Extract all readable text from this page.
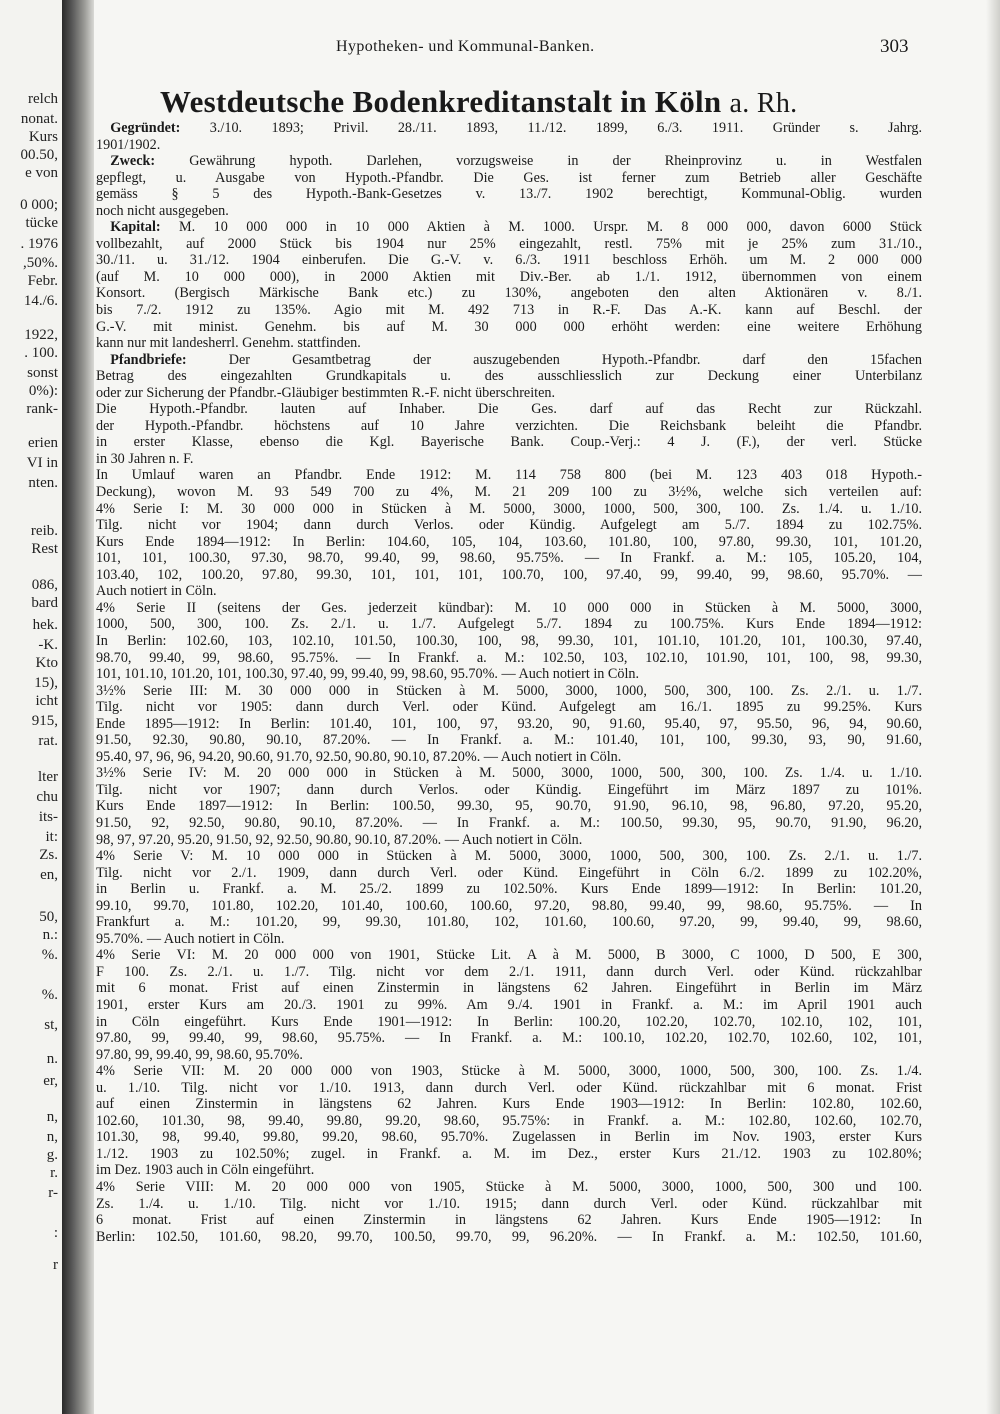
relch
nonat.
Kurs
00.50,
e von
0 000;
tücke
. 1976
,50%.
Febr.
14./6.
1922,
. 100.
sonst
0%):
rank-
erien
VI in
nten.
reib.
Rest
086,
bard
hek.
-K.
Kto
15),
icht
915,
rat.
lter
chu
its-
it:
Zs.
en,
50,
n.:
%.
%.
st,
n.
er,
n,
n,
g.
r.
r-
:
r
Hypotheken- und Kommunal-Banken.	303
Westdeutsche Bodenkreditanstalt in Köln a. Rh.
 Gegründet: 3./10. 1893; Privil. 28./11. 1893, 11./12. 1899, 6./3. 1911. Gründer s. Jahrg.
1901/1902.
 Zweck: Gewährung hypoth. Darlehen, vorzugsweise in der Rheinprovinz u. in Westfalen
gepflegt, u. Ausgabe von Hypoth.-Pfandbr. Die Ges. ist ferner zum Betrieb aller Geschäfte
gemäss § 5 des Hypoth.-Bank-Gesetzes v. 13./7. 1902 berechtigt, Kommunal-Oblig. wurden
noch nicht ausgegeben.
 Kapital: M. 10 000 000 in 10 000 Aktien à M. 1000. Urspr. M. 8 000 000, davon 6000 Stück
vollbezahlt, auf 2000 Stück bis 1904 nur 25% eingezahlt, restl. 75% mit je 25% zum 31./10.,
30./11. u. 31./12. 1904 einberufen. Die G.-V. v. 6./3. 1911 beschloss Erhöh. um M. 2 000 000
(auf M. 10 000 000), in 2000 Aktien mit Div.-Ber. ab 1./1. 1912, übernommen von einem
Konsort. (Bergisch Märkische Bank etc.) zu 130%, angeboten den alten Aktionären v. 8./1.
bis 7./2. 1912 zu 135%. Agio mit M. 492 713 in R.-F. Das A.-K. kann auf Beschl. der
G.-V. mit minist. Genehm. bis auf M. 30 000 000 erhöht werden: eine weitere Erhöhung
kann nur mit landesherrl. Genehm. stattfinden.
 Pfandbriefe: Der Gesamtbetrag der auszugebenden Hypoth.-Pfandbr. darf den 15fachen
Betrag des eingezahlten Grundkapitals u. des ausschliesslich zur Deckung einer Unterbilanz
oder zur Sicherung der Pfandbr.-Gläubiger bestimmten R.-F. nicht überschreiten.
Die Hypoth.-Pfandbr. lauten auf Inhaber. Die Ges. darf auf das Recht zur Rückzahl.
der Hypoth.-Pfandbr. höchstens auf 10 Jahre verzichten. Die Reichsbank beleiht die Pfandbr.
in erster Klasse, ebenso die Kgl. Bayerische Bank. Coup.-Verj.: 4 J. (F.), der verl. Stücke
in 30 Jahren n. F.
In Umlauf waren an Pfandbr. Ende 1912: M. 114 758 800 (bei M. 123 403 018 Hypoth.-
Deckung), wovon M. 93 549 700 zu 4%, M. 21 209 100 zu 3½%, welche sich verteilen auf:
4% Serie I: M. 30 000 000 in Stücken à M. 5000, 3000, 1000, 500, 300, 100. Zs. 1./4. u. 1./10.
Tilg. nicht vor 1904; dann durch Verlos. oder Kündig. Aufgelegt am 5./7. 1894 zu 102.75%.
Kurs Ende 1894—1912: In Berlin: 104.60, 105, 104, 103.60, 101.80, 100, 97.80, 99.30, 101, 101.20,
101, 101, 100.30, 97.30, 98.70, 99.40, 99, 98.60, 95.75%. — In Frankf. a. M.: 105, 105.20, 104,
103.40, 102, 100.20, 97.80, 99.30, 101, 101, 101, 100.70, 100, 97.40, 99, 99.40, 99, 98.60, 95.70%. —
Auch notiert in Cöln.
4% Serie II (seitens der Ges. jederzeit kündbar): M. 10 000 000 in Stücken à M. 5000, 3000,
1000, 500, 300, 100. Zs. 2./1. u. 1./7. Aufgelegt 5./7. 1894 zu 100.75%. Kurs Ende 1894—1912:
In Berlin: 102.60, 103, 102.10, 101.50, 100.30, 100, 98, 99.30, 101, 101.10, 101.20, 101, 100.30, 97.40,
98.70, 99.40, 99, 98.60, 95.75%. — In Frankf. a. M.: 102.50, 103, 102.10, 101.90, 101, 100, 98, 99.30,
101, 101.10, 101.20, 101, 100.30, 97.40, 99, 99.40, 99, 98.60, 95.70%. — Auch notiert in Cöln.
3½% Serie III: M. 30 000 000 in Stücken à M. 5000, 3000, 1000, 500, 300, 100. Zs. 2./1. u. 1./7.
Tilg. nicht vor 1905: dann durch Verl. oder Künd. Aufgelegt am 16./1. 1895 zu 99.25%. Kurs
Ende 1895—1912: In Berlin: 101.40, 101, 100, 97, 93.20, 90, 91.60, 95.40, 97, 95.50, 96, 94, 90.60,
91.50, 92.30, 90.80, 90.10, 87.20%. — In Frankf. a. M.: 101.40, 101, 100, 99.30, 93, 90, 91.60,
95.40, 97, 96, 96, 94.20, 90.60, 91.70, 92.50, 90.80, 90.10, 87.20%. — Auch notiert in Cöln.
3½% Serie IV: M. 20 000 000 in Stücken à M. 5000, 3000, 1000, 500, 300, 100. Zs. 1./4. u. 1./10.
Tilg. nicht vor 1907; dann durch Verlos. oder Kündig. Eingeführt im März 1897 zu 101%.
Kurs Ende 1897—1912: In Berlin: 100.50, 99.30, 95, 90.70, 91.90, 96.10, 98, 96.80, 97.20, 95.20,
91.50, 92, 92.50, 90.80, 90.10, 87.20%. — In Frankf. a. M.: 100.50, 99.30, 95, 90.70, 91.90, 96.20,
98, 97, 97.20, 95.20, 91.50, 92, 92.50, 90.80, 90.10, 87.20%. — Auch notiert in Cöln.
4% Serie V: M. 10 000 000 in Stücken à M. 5000, 3000, 1000, 500, 300, 100. Zs. 2./1. u. 1./7.
Tilg. nicht vor 2./1. 1909, dann durch Verl. oder Künd. Eingeführt in Cöln 6./2. 1899 zu 102.20%,
in Berlin u. Frankf. a. M. 25./2. 1899 zu 102.50%. Kurs Ende 1899—1912: In Berlin: 101.20,
99.10, 99.70, 101.80, 102.20, 101.40, 100.60, 100.60, 97.20, 98.80, 99.40, 99, 98.60, 95.75%. — In
Frankfurt a. M.: 101.20, 99, 99.30, 101.80, 102, 101.60, 100.60, 97.20, 99, 99.40, 99, 98.60,
95.70%. — Auch notiert in Cöln.
4% Serie VI: M. 20 000 000 von 1901, Stücke Lit. A à M. 5000, B 3000, C 1000, D 500, E 300,
F 100. Zs. 2./1. u. 1./7. Tilg. nicht vor dem 2./1. 1911, dann durch Verl. oder Künd. rückzahlbar
mit 6 monat. Frist auf einen Zinstermin in längstens 62 Jahren. Eingeführt in Berlin im März
1901, erster Kurs am 20./3. 1901 zu 99%. Am 9./4. 1901 in Frankf. a. M.: im April 1901 auch
in Cöln eingeführt. Kurs Ende 1901—1912: In Berlin: 100.20, 102.20, 102.70, 102.10, 102, 101,
97.80, 99, 99.40, 99, 98.60, 95.75%. — In Frankf. a. M.: 100.10, 102.20, 102.70, 102.60, 102, 101,
97.80, 99, 99.40, 99, 98.60, 95.70%.
4% Serie VII: M. 20 000 000 von 1903, Stücke à M. 5000, 3000, 1000, 500, 300, 100. Zs. 1./4.
u. 1./10. Tilg. nicht vor 1./10. 1913, dann durch Verl. oder Künd. rückzahlbar mit 6 monat. Frist
auf einen Zinstermin in längstens 62 Jahren. Kurs Ende 1903—1912: In Berlin: 102.80, 102.60,
102.60, 101.30, 98, 99.40, 99.80, 99.20, 98.60, 95.75%: in Frankf. a. M.: 102.80, 102.60, 102.70,
101.30, 98, 99.40, 99.80, 99.20, 98.60, 95.70%. Zugelassen in Berlin im Nov. 1903, erster Kurs
1./12. 1903 zu 102.50%; zugel. in Frankf. a. M. im Dez., erster Kurs 21./12. 1903 zu 102.80%;
im Dez. 1903 auch in Cöln eingeführt.
4% Serie VIII: M. 20 000 000 von 1905, Stücke à M. 5000, 3000, 1000, 500, 300 und 100.
Zs. 1./4. u. 1./10. Tilg. nicht vor 1./10. 1915; dann durch Verl. oder Künd. rückzahlbar mit
6 monat. Frist auf einen Zinstermin in längstens 62 Jahren. Kurs Ende 1905—1912: In
Berlin: 102.50, 101.60, 98.20, 99.70, 100.50, 99.70, 99, 96.20%. — In Frankf. a. M.: 102.50, 101.60,
